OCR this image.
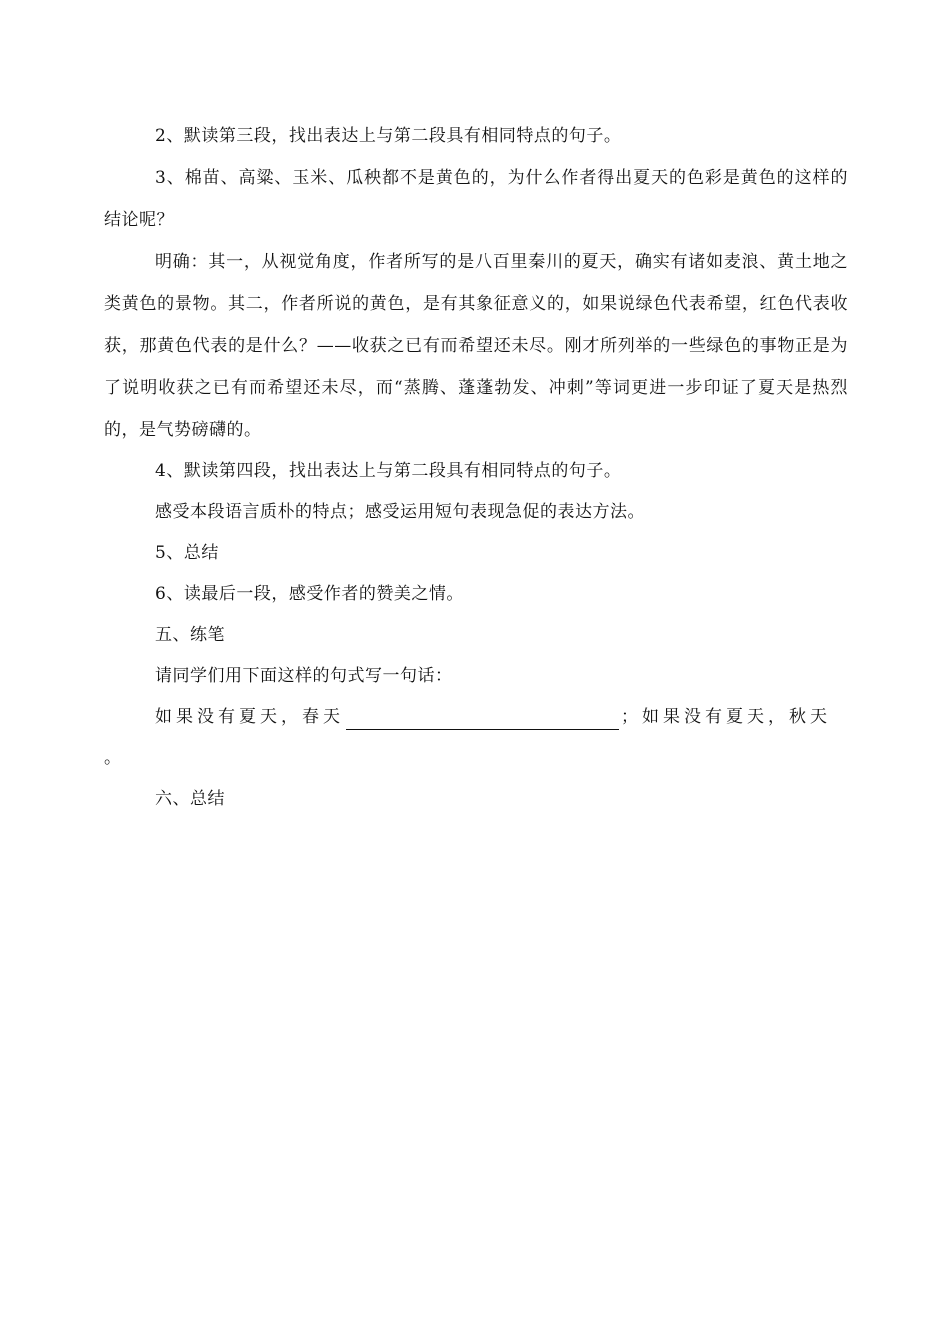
2、默读第三段，找出表达上与第二段具有相同特点的句子。

3、棉苗、高粱、玉米、瓜秧都不是黄色的，为什么作者得出夏天的色彩是黄色的这样的结论呢？

明确：其一，从视觉角度，作者所写的是八百里秦川的夏天，确实有诸如麦浪、黄土地之类黄色的景物。其二，作者所说的黄色，是有其象征意义的，如果说绿色代表希望，红色代表收获，那黄色代表的是什么？——收获之已有而希望还未尽。刚才所列举的一些绿色的事物正是为了说明收获之已有而希望还未尽，而“蒸腾、蓬蓬勃发、冲刺”等词更进一步印证了夏天是热烈的，是气势磅礴的。

4、默读第四段，找出表达上与第二段具有相同特点的句子。

感受本段语言质朴的特点；感受运用短句表现急促的表达方法。

5、总结

6、读最后一段，感受作者的赞美之情。

五、练笔

请同学们用下面这样的句式写一句话：

如果没有夏天，春天	；如果没有夏天，秋天

。

六、总结
